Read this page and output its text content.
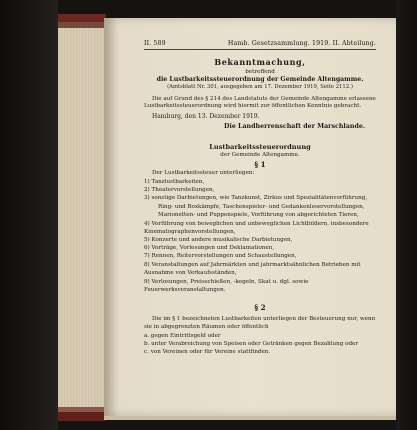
II. 589	Hamb. Gesetzsammlung. 1919. II. Abteilung.
Bekanntmachung,
betreffend
die Lustbarkeitssteuerordnung der Gemeinde Altengamme.
(Amtsblatt Nr. 301, ausgegeben am 17. Dezember 1919, Seite 2112.)
Die auf Grund des § 214 des Landstatuts der Gemeinde Altengamme erlassene
Lustbarkeitssteuerordnung wird hiermit zur öffentlichen Kenntnis gebracht.
Hamburg, den 13. Dezember 1919.
Die Landherrenschaft der Marschlande.
Lustbarkeitssteuerordnung
der Gemeinde Altengamme.
§ 1
Der Lustbarkeitssteuer unterliegen:
1) Tanzlustbarkeiten,
2) Theatervorstellungen,
3) sonstige Darbietungen, wie Tanzkunst, Zirkus und Spezialitätenvorführung,
Ring- und Boxkämpfe, Taschenspieler- und Gedankenleservorstellungen, Marionetten- und Puppenspiele, Vorführung von abgerichteten Tieren,
4) Vorführung von beweglichen und unbeweglichen Lichtbildern, insbesondere Kinematographenvorstellungen,
5) Konzerte und andere musikalische Darbietungen,
6) Vorträge, Vorlesungen und Deklamationen,
7) Rennen, Reitervorstellungen und Schaustellungen,
8) Veranstaltungen auf Jahrmärkten und jahrmarktsähnlichen Betrieben mit Ausnahme von Verkaufsständen,
9) Verlosungen, Preisschießen, -kegeln, Skat u. dgl. sowie Feuerwerksveranstaltungen.
§ 2
Die im § 1 bezeichneten Lustbarkeiten unterliegen der Besteuerung nur, wenn
sie in abgegrenzten Räumen oder öffentlich
a. gegen Eintrittsgeld oder
b. unter Verabreichung von Speisen oder Getränken gegen Bezahlung oder
c. von Vereinen oder für Vereine stattfinden.
